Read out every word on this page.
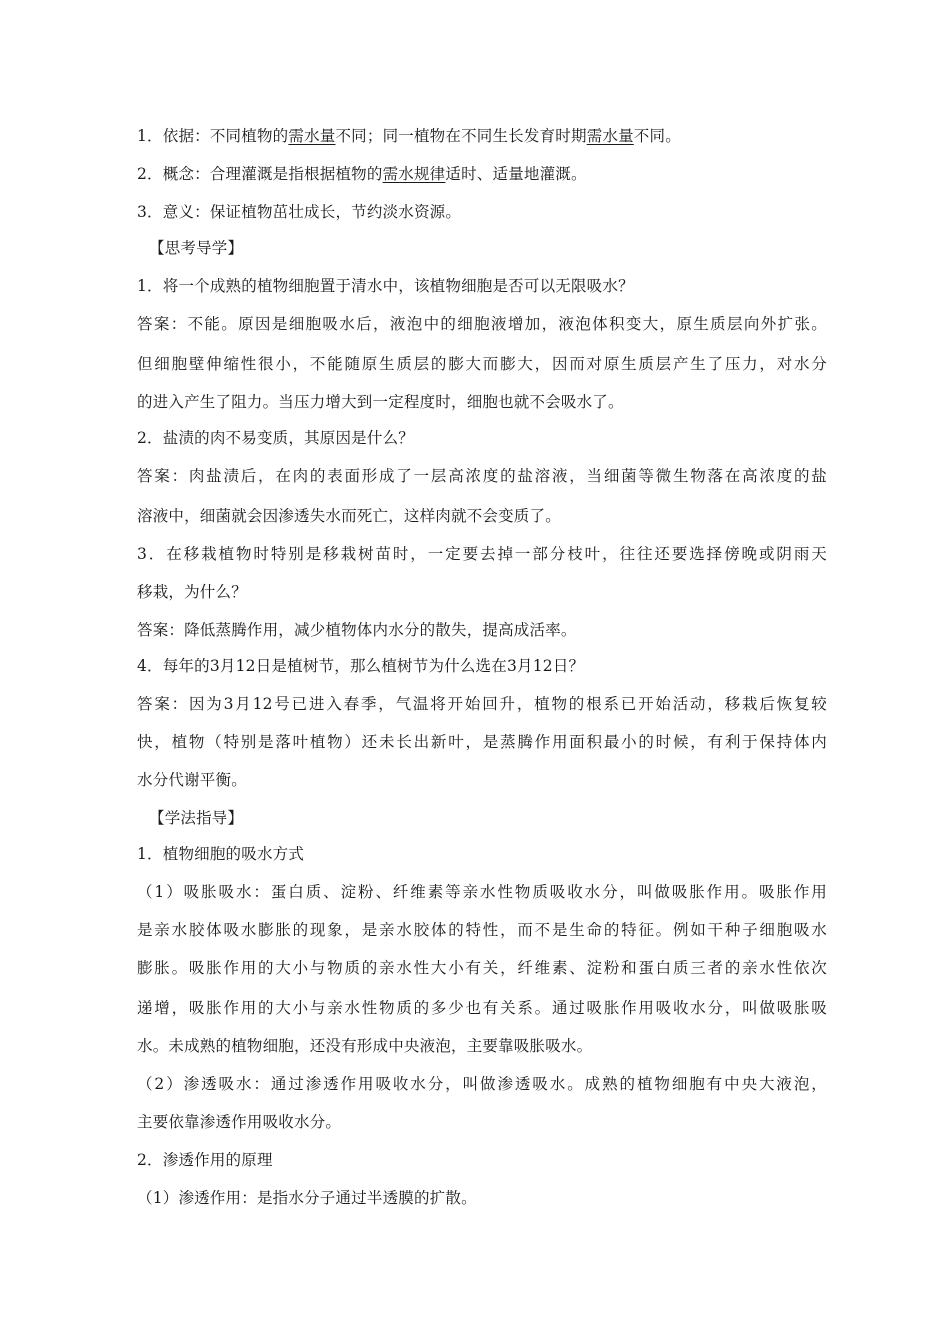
1．依据：不同植物的需水量不同；同一植物在不同生长发育时期需水量不同。

2．概念：合理灌溉是指根据植物的需水规律适时、适量地灌溉。

3．意义：保证植物茁壮成长，节约淡水资源。

【思考导学】

1．将一个成熟的植物细胞置于清水中，该植物细胞是否可以无限吸水？

答案：不能。原因是细胞吸水后，液泡中的细胞液增加，液泡体积变大，原生质层向外扩张。

但细胞壁伸缩性很小，不能随原生质层的膨大而膨大，因而对原生质层产生了压力，对水分

的进入产生了阻力。当压力增大到一定程度时，细胞也就不会吸水了。

2．盐渍的肉不易变质，其原因是什么？

答案：肉盐渍后，在肉的表面形成了一层高浓度的盐溶液，当细菌等微生物落在高浓度的盐

溶液中，细菌就会因渗透失水而死亡，这样肉就不会变质了。

3．在移栽植物时特别是移栽树苗时，一定要去掉一部分枝叶，往往还要选择傍晚或阴雨天

移栽，为什么？

答案：降低蒸腾作用，减少植物体内水分的散失，提高成活率。

4．每年的3月12日是植树节，那么植树节为什么选在3月12日？

答案：因为3月12号已进入春季，气温将开始回升，植物的根系已开始活动，移栽后恢复较

快，植物（特别是落叶植物）还未长出新叶，是蒸腾作用面积最小的时候，有利于保持体内

水分代谢平衡。

【学法指导】

1．植物细胞的吸水方式

（1）吸胀吸水：蛋白质、淀粉、纤维素等亲水性物质吸收水分，叫做吸胀作用。吸胀作用

是亲水胶体吸水膨胀的现象，是亲水胶体的特性，而不是生命的特征。例如干种子细胞吸水

膨胀。吸胀作用的大小与物质的亲水性大小有关，纤维素、淀粉和蛋白质三者的亲水性依次

递增，吸胀作用的大小与亲水性物质的多少也有关系。通过吸胀作用吸收水分，叫做吸胀吸

水。未成熟的植物细胞，还没有形成中央液泡，主要靠吸胀吸水。

（2）渗透吸水：通过渗透作用吸收水分，叫做渗透吸水。成熟的植物细胞有中央大液泡，

主要依靠渗透作用吸收水分。

2．渗透作用的原理

（1）渗透作用：是指水分子通过半透膜的扩散。
